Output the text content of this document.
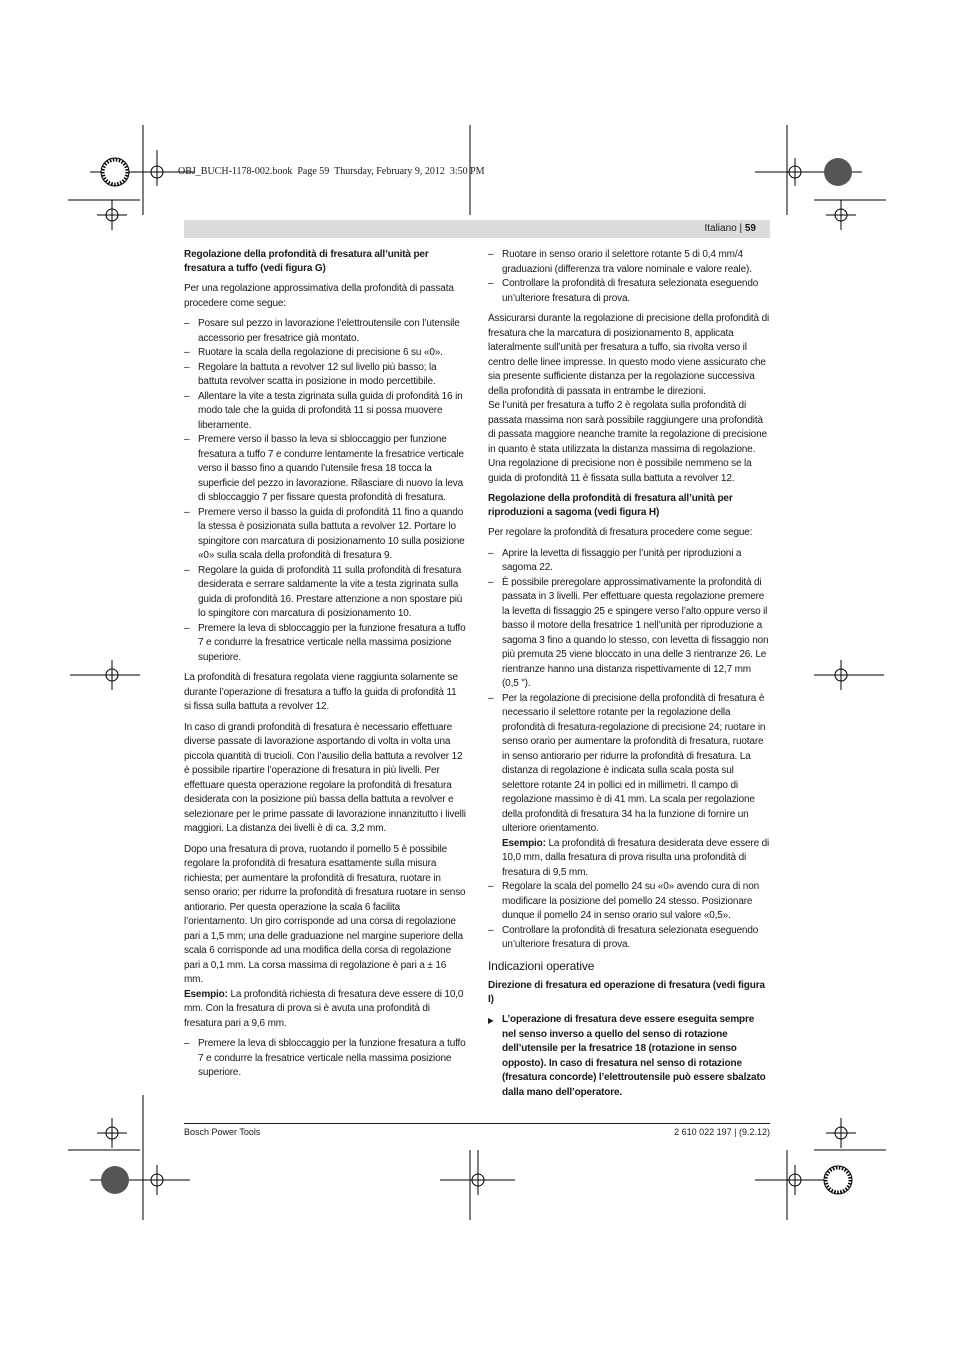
OBJ_BUCH-1178-002.book  Page 59  Thursday, February 9, 2012  3:50 PM
Italiano | 59
Regolazione della profondità di fresatura all’unità per fresatura a tuffo (vedi figura G)

Per una regolazione approssimativa della profondità di passata procedere come segue:

– Posare sul pezzo in lavorazione l’elettroutensile con l’utensile accessorio per fresatrice già montato.
– Ruotare la scala della regolazione di precisione 6 su «0».
– Regolare la battuta a revolver 12 sul livello più basso; la battuta revolver scatta in posizione in modo percettibile.
– Allentare la vite a testa zigrinata sulla guida di profondità 16 in modo tale che la guida di profondità 11 si possa muovere liberamente.
– Premere verso il basso la leva si sbloccaggio per funzione fresatura a tuffo 7 e condurre lentamente la fresatrice verticale verso il basso fino a quando l’utensile fresa 18 tocca la superficie del pezzo in lavorazione. Rilasciare di nuovo la leva di sbloccaggio 7 per fissare questa profondità di fresatura.
– Premere verso il basso la guida di profondità 11 fino a quando la stessa è posizionata sulla battuta a revolver 12. Portare lo spingitore con marcatura di posizionamento 10 sulla posizione «0» sulla scala della profondità di fresatura 9.
– Regolare la guida di profondità 11 sulla profondità di fresatura desiderata e serrare saldamente la vite a testa zigrinata sulla guida di profondità 16. Prestare attenzione a non spostare più lo spingitore con marcatura di posizionamento 10.
– Premere la leva di sbloccaggio per la funzione fresatura a tuffo 7 e condurre la fresatrice verticale nella massima posizione superiore.

La profondità di fresatura regolata viene raggiunta solamente se durante l’operazione di fresatura a tuffo la guida di profondità 11 si fissa sulla battuta a revolver 12.

In caso di grandi profondità di fresatura è necessario effettuare diverse passate di lavorazione asportando di volta in volta una piccola quantità di trucioli. Con l’ausilio della battuta a revolver 12 è possibile ripartire l’operazione di fresatura in più livelli. Per effettuare questa operazione regolare la profondità di fresatura desiderata con la posizione più bassa della battuta a revolver e selezionare per le prime passate di lavorazione innanzitutto i livelli maggiori. La distanza dei livelli è di ca. 3,2 mm.

Dopo una fresatura di prova, ruotando il pomello 5 è possibile regolare la profondità di fresatura esattamente sulla misura richiesta; per aumentare la profondità di fresatura, ruotare in senso orario; per ridurre la profondità di fresatura ruotare in senso antiorario. Per questa operazione la scala 6 facilita l’orientamento. Un giro corrisponde ad una corsa di regolazione pari a 1,5 mm; una delle graduazione nel margine superiore della scala 6 corrisponde ad una modifica della corsa di regolazione pari a 0,1 mm. La corsa massima di regolazione è pari a ± 16 mm.

Esempio: La profondità richiesta di fresatura deve essere di 10,0 mm. Con la fresatura di prova si è avuta una profondità di fresatura pari a 9,6 mm.

– Premere la leva di sbloccaggio per la funzione fresatura a tuffo 7 e condurre la fresatrice verticale nella massima posizione superiore.
– Ruotare in senso orario il selettore rotante 5 di 0,4 mm/4 graduazioni (differenza tra valore nominale e valore reale).
– Controllare la profondità di fresatura selezionata eseguendo un’ulteriore fresatura di prova.

Assicurarsi durante la regolazione di precisione della profondità di fresatura che la marcatura di posizionamento 8, applicata lateralmente sull’unità per fresatura a tuffo, sia rivolta verso il centro delle linee impresse. In questo modo viene assicurato che sia presente sufficiente distanza per la regolazione successiva della profondità di passata in entrambe le direzioni.

Se l’unità per fresatura a tuffo 2 è regolata sulla profondità di passata massima non sarà possibile raggiungere una profondità di passata maggiore neanche tramite la regolazione di precisione in quanto è stata utilizzata la distanza massima di regolazione.

Una regolazione di precisione non è possibile nemmeno se la guida di profondità 11 è fissata sulla battuta a revolver 12.

Regolazione della profondità di fresatura all’unità per riproduzioni a sagoma (vedi figura H)

Per regolare la profondità di fresatura procedere come segue:

– Aprire la levetta di fissaggio per l’unità per riproduzioni a sagoma 22.
– È possibile preregolare approssimativamente la profondità di passata in 3 livelli. Per effettuare questa regolazione premere la levetta di fissaggio 25 e spingere verso l’alto oppure verso il basso il motore della fresatrice 1 nell’unità per riproduzione a sagoma 3 fino a quando lo stesso, con levetta di fissaggio non più premuta 25 viene bloccato in una delle 3 rientranze 26. Le rientranze hanno una distanza rispettivamente di 12,7 mm (0,5 ").
– Per la regolazione di precisione della profondità di fresatura è necessario il selettore rotante per la regolazione della profondità di fresatura-regolazione di precisione 24; ruotare in senso orario per aumentare la profondità di fresatura, ruotare in senso antiorario per ridurre la profondità di fresatura. La distanza di regolazione è indicata sulla scala posta sul selettore rotante 24 in pollici ed in millimetri. Il campo di regolazione massimo è di 41 mm. La scala per regolazione della profondità di fresatura 34 ha la funzione di fornire un ulteriore orientamento.
Esempio: La profondità di fresatura desiderata deve essere di 10,0 mm, dalla fresatura di prova risulta una profondità di fresatura di 9,5 mm.
– Regolare la scala del pomello 24 su «0» avendo cura di non modificare la posizione del pomello 24 stesso. Posizionare dunque il pomello 24 in senso orario sul valore «0,5».
– Controllare la profondità di fresatura selezionata eseguendo un’ulteriore fresatura di prova.
Indicazioni operative
Direzione di fresatura ed operazione di fresatura (vedi figura I)
▶ L’operazione di fresatura deve essere eseguita sempre nel senso inverso a quello del senso di rotazione dell’utensile per la fresatrice 18 (rotazione in senso opposto). In caso di fresatura nel senso di rotazione (fresatura concorde) l’elettroutensile può essere sbalzato dalla mano dell’operatore.
Bosch Power Tools	2 610 022 197 | (9.2.12)
